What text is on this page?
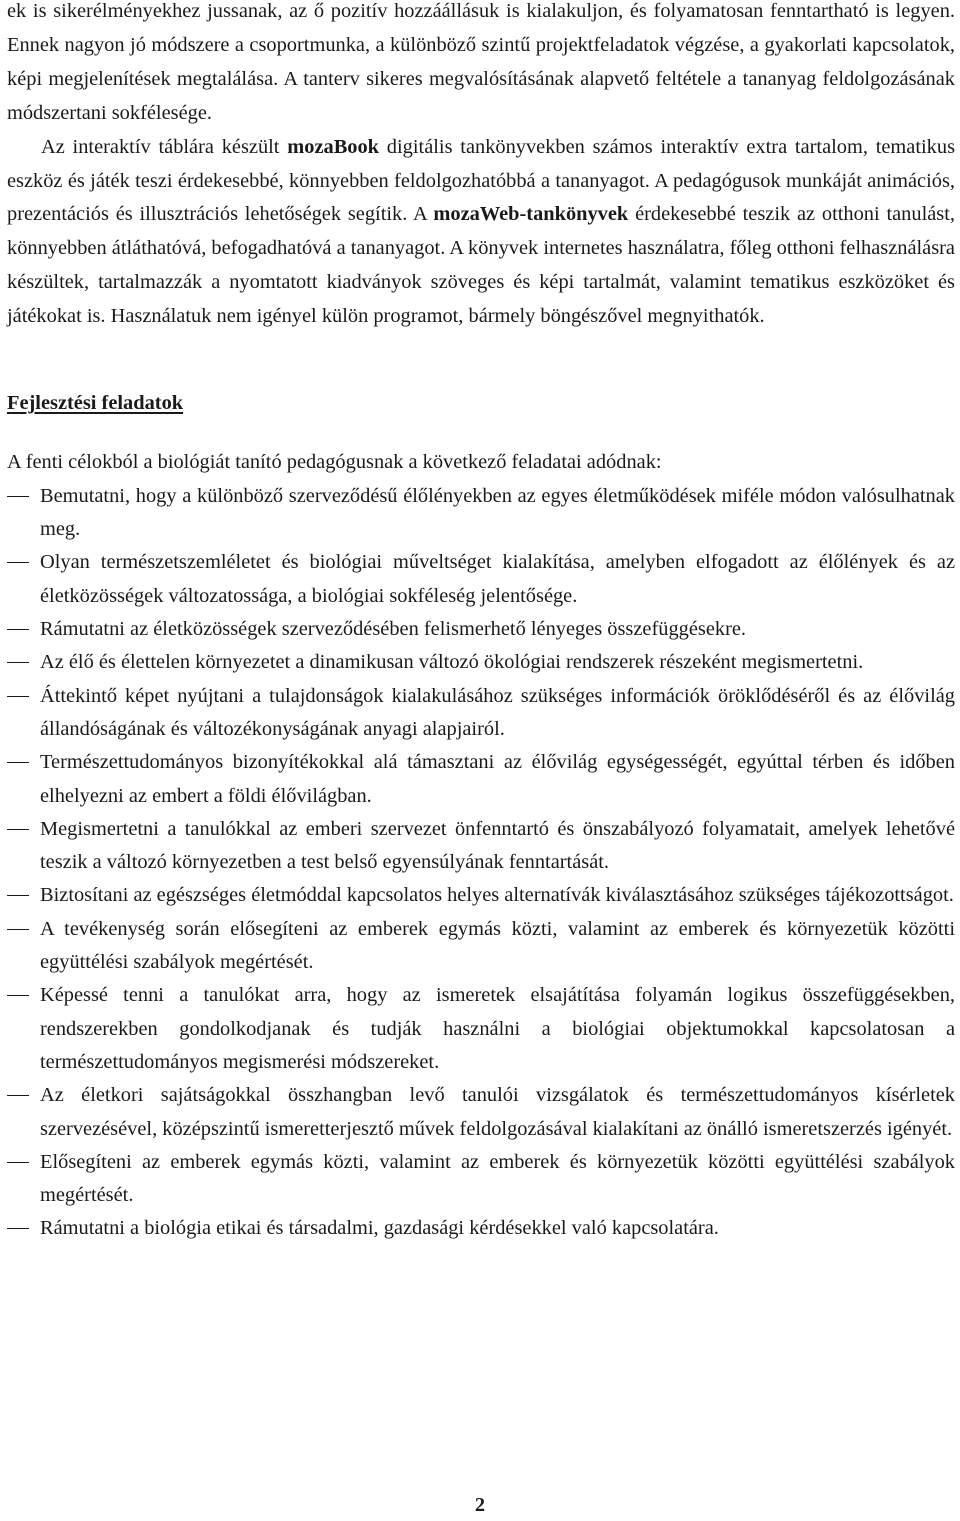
ek is sikerélményekhez jussanak, az ő pozitív hozzáállásuk is kialakuljon, és folyamatosan fenntartható is legyen. Ennek nagyon jó módszere a csoportmunka, a különböző szintű projektfeladatok végzése, a gyakorlati kapcsolatok, képi megjelenítések megtalálása. A tanterv sikeres megvalósításának alapvető feltétele a tananyag feldolgozásának módszertani sokfélesége.

Az interaktív táblára készült mozaBook digitális tankönyvekben számos interaktív extra tartalom, tematikus eszköz és játék teszi érdekesebbé, könnyebben feldolgozhatóbbá a tananyagot. A pedagógusok munkáját animációs, prezentációs és illusztrációs lehetőségek segítik. A mozaWeb-tankönyvek érdekesebbé teszik az otthoni tanulást, könnyebben átláthatóvá, befogadhatóvá a tananyagot. A könyvek internetes használatra, főleg otthoni felhasználásra készültek, tartalmazzák a nyomtatott kiadványok szöveges és képi tartalmát, valamint tematikus eszközöket és játékokat is. Használatuk nem igényel külön programot, bármely böngészővel megnyithatók.

Fejlesztési feladatok

A fenti célokból a biológiát tanító pedagógusnak a következő feladatai adódnak:

Bemutatni, hogy a különböző szerveződésű élőlényekben az egyes életműködések miféle módon valósulhatnak meg.
Olyan természetszemléletet és biológiai műveltséget kialakítása, amelyben elfogadott az élőlények és az életközösségek változatossága, a biológiai sokféleség jelentősége.
Rámutatni az életközösségek szerveződésében felismerhető lényeges összefüggésekre.
Az élő és élettelen környezetet a dinamikusan változó ökológiai rendszerek részeként megismertetni.
Áttekintő képet nyújtani a tulajdonságok kialakulásához szükséges információk öröklődéséről és az élővilág állandóságának és változékonyságának anyagi alapjairól.
Természettudományos bizonyítékokkal alá támasztani az élővilág egységességét, egyúttal térben és időben elhelyezni az embert a földi élővilágban.
Megismertetni a tanulókkal az emberi szervezet önfenntartó és önszabályozó folyamatait, amelyek lehetővé teszik a változó környezetben a test belső egyensúlyának fenntartását.
Biztosítani az egészséges életmóddal kapcsolatos helyes alternatívák kiválasztásához szükséges tájékozottságot.
A tevékenység során elősegíteni az emberek egymás közti, valamint az emberek és környezetük közötti együttélési szabályok megértését.
Képessé tenni a tanulókat arra, hogy az ismeretek elsajátítása folyamán logikus összefüggésekben, rendszerekben gondolkodjanak és tudják használni a biológiai objektumokkal kapcsolatosan a természettudományos megismerési módszereket.
Az életkori sajátságokkal összhangban levő tanulói vizsgálatok és természettudományos kísérletek szervezésével, középszintű ismeretterjesztő művek feldolgozásával kialakítani az önálló ismeretszerzés igényét.
Elősegíteni az emberek egymás közti, valamint az emberek és környezetük közötti együttélési szabályok megértését.
Rámutatni a biológia etikai és társadalmi, gazdasági kérdésekkel való kapcsolatára.
2
